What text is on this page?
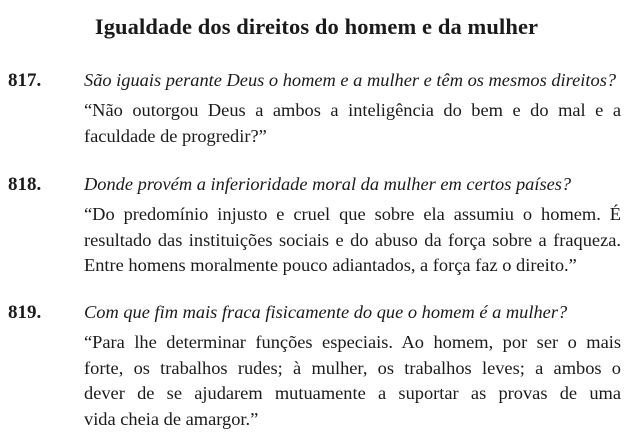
Igualdade dos direitos do homem e da mulher
817. São iguais perante Deus o homem e a mulher e têm os mesmos direitos?
“Não outorgou Deus a ambos a inteligência do bem e do mal e a
faculdade de progredir?”
818. Donde provém a inferioridade moral da mulher em certos países?
“Do predomínio injusto e cruel que sobre ela assumiu o homem. É
resultado das instituições sociais e do abuso da força sobre a fraqueza.
Entre homens moralmente pouco adiantados, a força faz o direito.”
819. Com que fim mais fraca fisicamente do que o homem é a mulher?
“Para lhe determinar funções especiais. Ao homem, por ser o mais
forte, os trabalhos rudes; à mulher, os trabalhos leves; a ambos o
dever de se ajudarem mutuamente a suportar as provas de uma
vida cheia de amargor.”
